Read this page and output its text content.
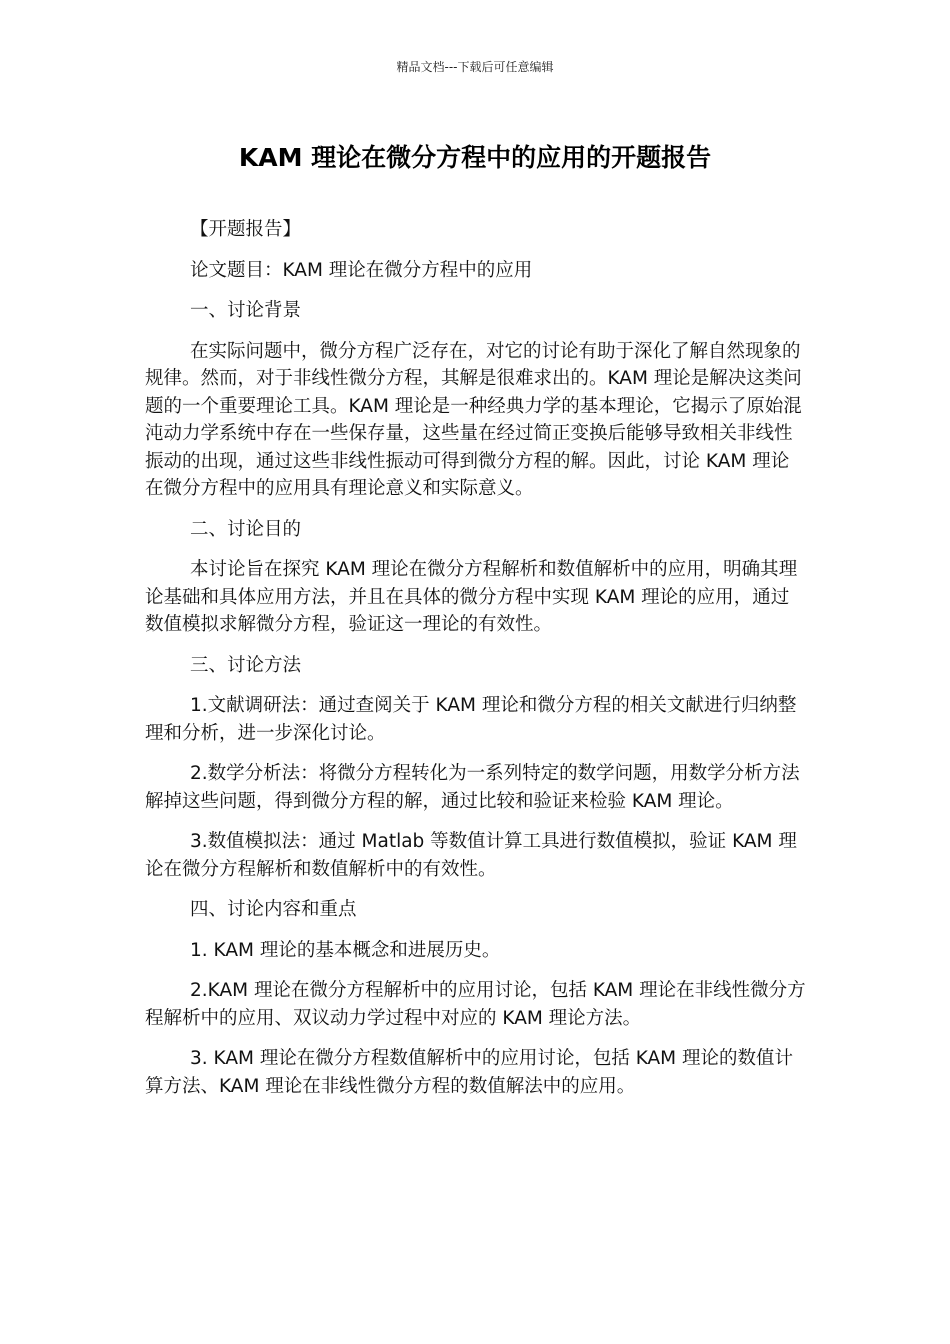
精品文档---下载后可任意编辑
KAM 理论在微分方程中的应用的开题报告

【开题报告】

论文题目：KAM 理论在微分方程中的应用

一、讨论背景

在实际问题中，微分方程广泛存在，对它的讨论有助于深化了解自然现象的规律。然而，对于非线性微分方程，其解是很难求出的。KAM 理论是解决这类问题的一个重要理论工具。KAM 理论是一种经典力学的基本理论，它揭示了原始混沌动力学系统中存在一些保存量，这些量在经过简正变换后能够导致相关非线性振动的出现，通过这些非线性振动可得到微分方程的解。因此，讨论 KAM 理论在微分方程中的应用具有理论意义和实际意义。

二、讨论目的

本讨论旨在探究 KAM 理论在微分方程解析和数值解析中的应用，明确其理论基础和具体应用方法，并且在具体的微分方程中实现 KAM 理论的应用，通过数值模拟求解微分方程，验证这一理论的有效性。

三、讨论方法

1.文献调研法：通过查阅关于 KAM 理论和微分方程的相关文献进行归纳整理和分析，进一步深化讨论。

2.数学分析法：将微分方程转化为一系列特定的数学问题，用数学分析方法解掉这些问题，得到微分方程的解，通过比较和验证来检验 KAM 理论。

3.数值模拟法：通过 Matlab 等数值计算工具进行数值模拟，验证 KAM 理论在微分方程解析和数值解析中的有效性。

四、讨论内容和重点

1. KAM 理论的基本概念和进展历史。

2.KAM 理论在微分方程解析中的应用讨论，包括 KAM 理论在非线性微分方程解析中的应用、双议动力学过程中对应的 KAM 理论方法。

3. KAM 理论在微分方程数值解析中的应用讨论，包括 KAM 理论的数值计算方法、KAM 理论在非线性微分方程的数值解法中的应用。
